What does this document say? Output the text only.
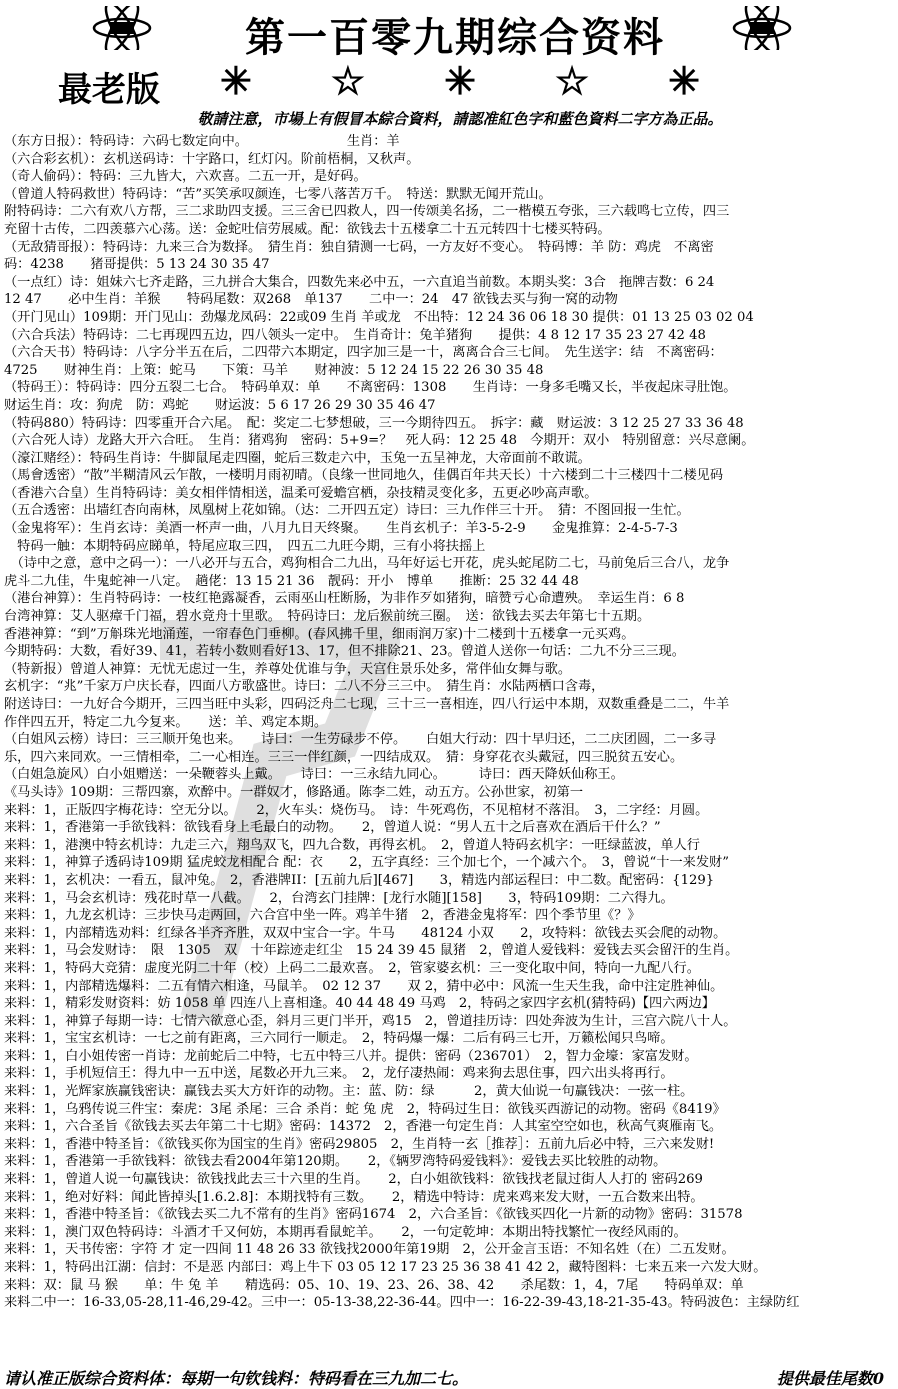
第一百零九期综合资料
最老版 ✳ ☆ ✳ ☆ ✳
敬請注意，市場上有假冒本綜合資料，請認准紅色字和藍色資料二字方為正品。
（东方日报）：特码诗：六码七数定向中。　　　　　　　　生肖：羊
（六合彩玄机）：玄机送码诗：十字路口，红灯闪。阶前梧桐，又秋声。
（奇人偷码）：特码：三九皆大，六欢喜。二五一开，是好码。
（曾道人特码救世）特码诗：“苦”买笑承叹颜连，七零八落苦万千。　特送：默默无闻开荒山。
附特码诗：二六有欢八方帮，三二求助四支援。三三舍已四救人，四一传颂美名扬，二一楷模五夸张，三六载鸣七立传，四三
充留十古传，二四羡慕六心荡。送：金蛇吐信劳展威。配：欲钱去十五楼拿二十五元转四十七楼买特码。
（无敌猜哥报）：特码诗：九来三合为数择。　猜生肖：独自猜测一七码，一方友好不变心。　特码博：羊 防：鸡虎　不离密
码：4238　　猪哥提供：5 13 24 30 35 47
（一点红）诗：姐妹六七齐走路，三九拼合大集合，四数先来必中五，一六直追当前数。本期头奖：3合　拖牌吉数：6 24
12 47　　必中生肖：羊猴　　特码尾数：双268　单137　　二中一：24　47 欲钱去买与狗一窝的动物
（开门见山）109期：开门见山：劲爆龙凤码：22或09 生肖 羊或龙　不出特：12 24 36 06 18 30 提供：01 13 25 03 02 04
（六合兵法）特码诗：二七再现四五边，四八领头一定中。　生肖奇计：兔羊猪狗　　提供：4 8 12 17 35 23 27 42 48
（六合天书）特码诗：八字分半五在后，二四带六本期定，四字加三是一十，离离合合三七间。　先生送字：结　不离密码：
4725　　财神生肖：上策：蛇马　　下策：马羊　　财神波：5 12 24 15 22 26 30 35 48
（特码王）：特码诗：四分五裂二七合。　特码单双：单　　不离密码：1308　　生肖诗：一身多毛嘴又长，半夜起床寻肚饱。
财运生肖：攻：狗虎　防：鸡蛇　　财运波：5 6 17 26 29 30 35 46 47
（特码880）特码诗：四零重开合六尾。　配：奖定二七梦想破，三一今期待四五。　拆字：藏　财运波：3 12 25 27 33 36 48
（六合死人诗）龙路大开六合旺。　生肖：猪鸡狗　密码：5+9=？　死人码：12 25 48　今期开：双小　特别留意：兴尽意阑。
（濠江赌经）：特码生肖诗：牛脚鼠尾走四圈，蛇后三数走六中，玉兔一五呈神龙，大帝面前不敢谎。
（馬會透密）“散”半糊清风云乍散，一楼明月雨初晴。（良缘一世同地久，佳偶百年共天长）十六楼到二十三楼四十二楼见码
（香港六合皇）生肖特码诗：美女相伴情相送，温柔可爱蟾宫栖，杂技精灵变化多，五更必吵高声歌。
（五合透密：出墙红杏向南林，凤凰树上花如锦。（达：二开四五定）诗曰：三九作伴三十开。　猜：不图回报一生忙。
（金鬼将军）：生肖玄诗：美酒一杯声一曲，八月九日天终聚。　　生肖玄机子：羊3-5-2-9　　金鬼推算：2-4-5-7-3
　特码一触：本期特码应睇单，特尾应取三四，　四五二九旺今期，三有小将扶摇上
　（诗中之意，意中之码一）：一八必开与五合，鸡狗相合二九出，马年好运七开花，虎头蛇尾防二七，马前兔后三合八，龙争
虎斗二九佳，牛鬼蛇神一八定。　趟佬：13 15 21 36　靓码：开小　博单　　推断：25 32 44 48
（港台神算）：生肖特码诗：一枝红艳露凝香，云雨巫山枉断肠，为非作歹如猪狗，暗赞亏心命遭殃。　幸运生肖：6 8
台湾神算：艾人驱瘴千门福，碧水竟舟十里歌。　特码诗曰：龙后猴前统三圈。　送：欲钱去买去年第七十五期。
香港神算：“到”万斛珠光地涌莲，一帘春色门垂柳。(春风拂千里，细雨润万家)十二楼到十五楼拿一元买鸡。
今期特码：大数，看好39、41，若转小数则看好13、17，但不排除21、23。曾道人送你一句话：二九不分三三现。
（特新报）曾道人神算：无忧无虑过一生，养尊处优谁与争，天宫住景乐处多，常伴仙女舞与歌。
玄机字：“兆”千家万户庆长春，四面八方歌盛世。诗曰：二八不分三三中。　猜生肖：水陆两栖口含毒，
附送诗曰：一九好合今期开，三四当旺中头彩，四码泛舟二七现，三十三一喜相连，四八行运中本期，双数重叠是二二，牛羊
作伴四五开，特定二九今复来。　　送：羊、鸡定本期。
（白姐风云榜）诗曰：三三顺开兔也来。　　诗曰：一生劳碌步不停。　　白姐大行动：四十早归还，二二庆团圆，二一多寻
乐，四六来同欢。一三情相牵，二一心相连。三三一伴红颜，一四结成双。　猜：身穿花衣头戴冠，四三脱贫五安心。
（白姐急旋风）白小姐赠送：一朵鞭蓉头上戴。　　诗曰：一三永结九同心。　　　诗曰：西天降妖仙称王。
《马头诗》109期：三帮四寨，欢醉中。一群奴才，修路通。陈李二姓，动五方。公孙世家，初第一
来料：1，正版四字梅花诗：空无分以。　　2，火车头：烧伤马。　诗：牛死鸡伤，不见棺材不落泪。　3，二字经：月圆。
来料：1，香港第一手欲钱料：欲钱看身上毛最白的动物。　　2，曾道人说：“男人五十之后喜欢在酒后干什么？”
来料：1，港澳中特玄机诗：九走三六，翔鸟双飞，四九合数，再得玄机。　2，曾道人特码玄机字：一旺绿蓝波，单人行
来料：1，神算子透码诗109期 猛虎蛟龙相配合 配：衣　　2，五字真经：三个加七个，一个减六个。　3，曾说“十一来发财”
来料：1，玄机决：一看五，鼠冲兔。　2，香港牌II：[五前九后][467]　　3，精选内部运程曰：中二数。配密码：{129}
来料：1，马会玄机诗：残花时草一八截。　　2，台湾玄门挂牌：[龙行水随][158]　　3，特码109期：二六得九。
来料：1，九龙玄机诗：三步快马走两回，六合宫中坐一阵。鸡羊牛猪　2，香港金鬼将军：四个季节里《？》
来料：1，内部精选劝料：红绿各半齐齐胜，双双中宝合一字。牛马　　48124 小双　　2，攻特料：欲钱去买会爬的动物。
来料：1，马会发财诗：　限　1305　双　十年踪迹走红尘　15 24 39 45 鼠猪　2，曾道人爱钱料：爱钱去买会留汗的生肖。
来料：1，特码大竞猜：虚度光阴二十年（校）上码二二最欢喜。　2，管家婆玄机：三一变化取中间，特向一九配八行。
来料：1，内部精选爆料：二五有情六相逢，马鼠羊。　02 12 37　　双 2，猜中必中：风流一生天生我，命中注定胜神仙。
来料：1，精彩发财资料：妨 1058 单 四连八上喜相逢。40 44 48 49 马鸡　2，特码之家四字玄机(猜特码)【四六两边】
来料：1，神算子每期一诗：七情六欲意心歪，斜月三更门半开，鸡15　2，曾道挂历诗：四处奔波为生计，三宫六院八十人。
来料：1，宝宝玄机诗：一七之前有距离，三六同行一顺走。　2，特码爆一爆：二后有码三七开，万籁松闻只鸟啼。
来料：1，白小姐传密一肖诗：龙前蛇后二中特，七五中特三八并。提供：密码（236701）　2，智力金壕：家富发财。
来料：1，手机短信王：得九中一五中送，尾数必开九三来。　2，龙仔凄热闹：鸡来狗去思住事，四六出头将再行。
来料：1，光辉家族赢钱密诀：赢钱去买大方奸诈的动物。主：蓝、防：绿　　　2，黄大仙说一句赢钱决：一弦一柱。
来料：1，乌鸦传说三件宝：秦虎：3尾 杀尾：三合 杀肖：蛇 兔 虎　2，特码过生日：欲钱买西游记的动物。密码《8419》
来料：1，六合圣旨《欲钱去买去年第二十七期》密码：14372　2，香港一句定生肖：人其室空空如也，秋高气爽雁南飞。
来料：1，香港中特圣旨：《欲钱买你为国宝的生肖》密码29805　2，生肖特一玄［推荐］：五前九后必中特，三六来发财!
来料：1，香港第一手欲钱料：欲钱去看2004年第120期。　　2，《辆罗湾特码爱钱料》：爱钱去买比较胜的动物。
来料：1，曾道人说一句赢钱诀：欲钱找此去三十六里的生肖。　　2，白小姐欲钱料：欲钱找老鼠过街人人打的 密码269
来料：1，绝对好料：闻此皆掉头[1.6.2.8]：本期找特有三数。　　2，精选中特诗：虎来鸡来发大财，一五合数来出特。
来料：1，香港中特圣旨：《欲钱去买二九不常有的生肖》密码1674　2，六合圣旨：《欲钱买四化一片新的动物》密码：31578
来料：1，澳门双色特码诗：斗酒才千又何妨，本期再看鼠蛇羊。　　2，一句定乾坤：本期出特找繁忙一夜经风雨的。
来料：1，天书传密：字符 才 定一四间 11 48 26 33 欲钱找2000年第19期　2，公开金言玉语：不知名姓（在）二五发财。
来料：1，特码出江湖：信封：不是恶 内部曰：鸡上牛下 03 05 12 17 23 25 36 38 41 42 2，藏特图料：七来五来一六发大财。
来料：双：鼠 马 猴　　单：牛 兔 羊　　精选码：05、10、19、23、26、38、42　　杀尾数：1，4，7尾　　特码单双：单
来料二中一：16-33,05-28,11-46,29-42。三中一：05-13-38,22-36-44。四中一：16-22-39-43,18-21-35-43。特码波色：主绿防红
请认准正版综合资料体：每期一句钦钱料：特码看在三九加二七。	提供最佳尾数0
